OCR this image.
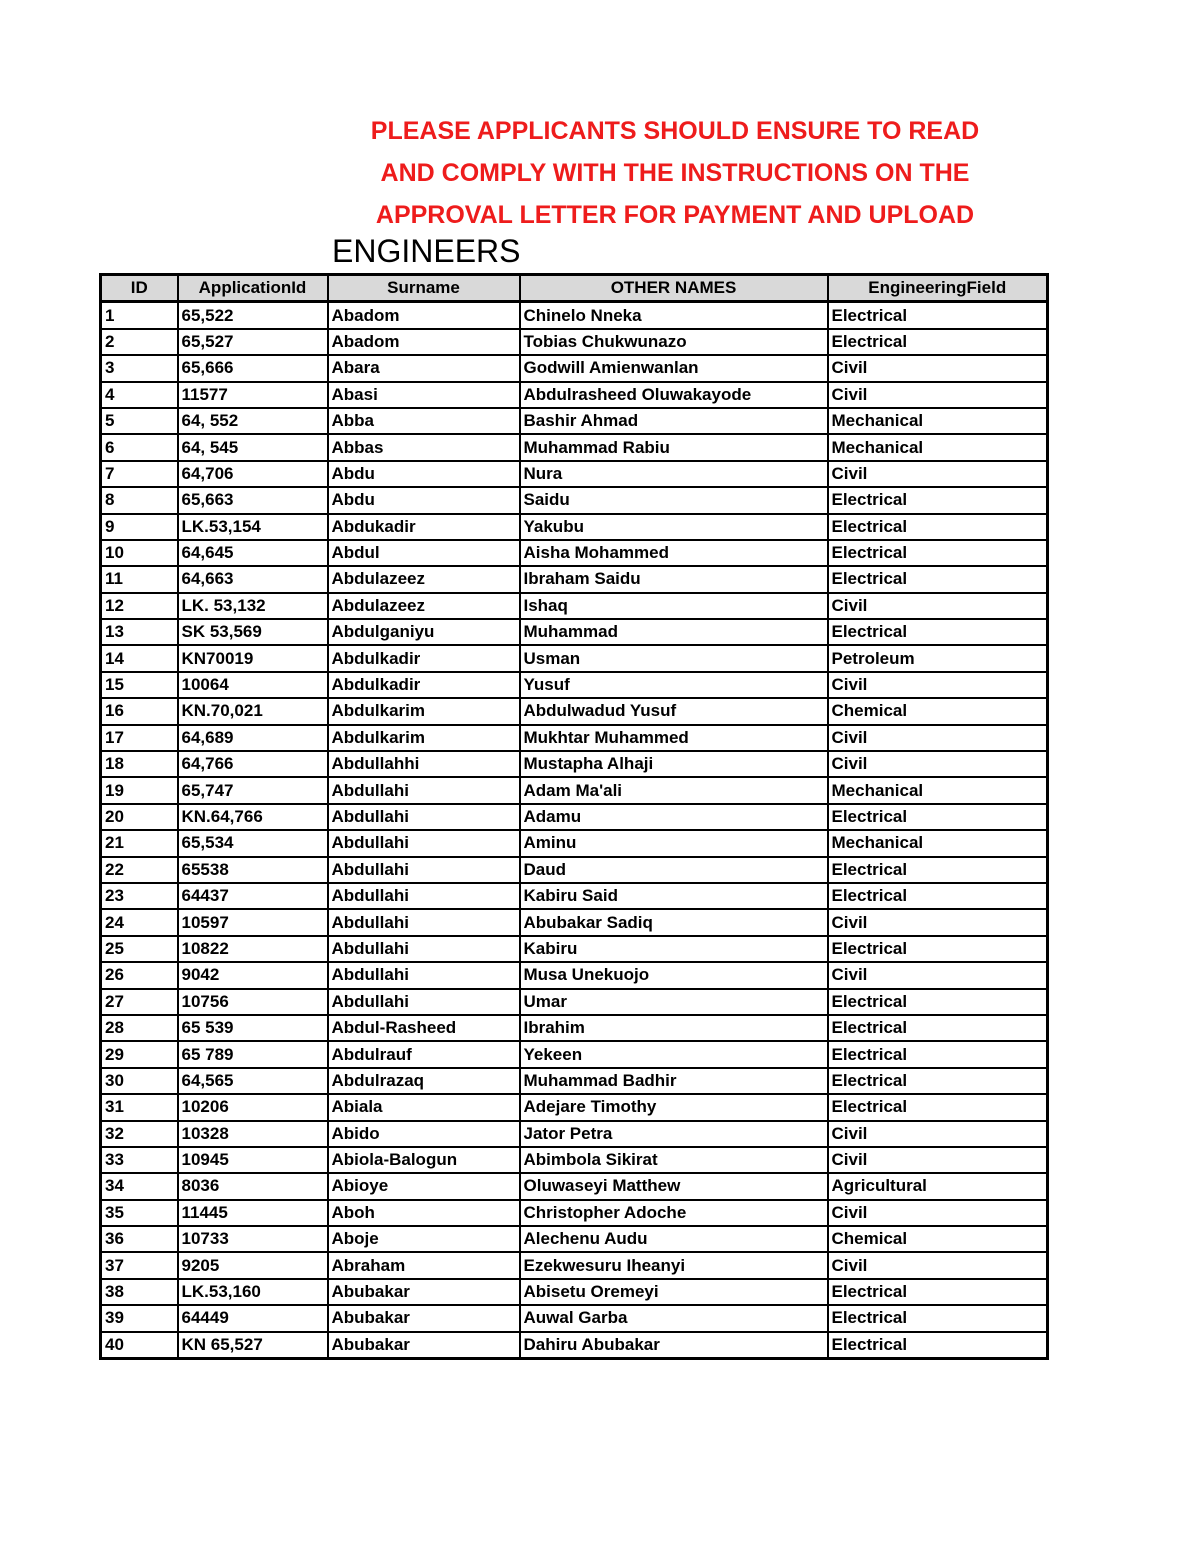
PLEASE APPLICANTS SHOULD ENSURE TO READ
AND COMPLY WITH THE INSTRUCTIONS ON THE
APPROVAL LETTER FOR PAYMENT AND UPLOAD
ENGINEERS
ID	ApplicationId	Surname	OTHER NAMES	EngineeringField
1	65,522	Abadom	Chinelo Nneka	Electrical
2	65,527	Abadom	Tobias Chukwunazo	Electrical
3	65,666	Abara	Godwill Amienwanlan	Civil
4	11577	Abasi	Abdulrasheed Oluwakayode	Civil
5	64, 552	Abba	Bashir Ahmad	Mechanical
6	64, 545	Abbas	Muhammad Rabiu	Mechanical
7	64,706	Abdu	Nura	Civil
8	65,663	Abdu	Saidu	Electrical
9	LK.53,154	Abdukadir	Yakubu	Electrical
10	64,645	Abdul	Aisha Mohammed	Electrical
11	64,663	Abdulazeez	Ibraham Saidu	Electrical
12	LK. 53,132	Abdulazeez	Ishaq	Civil
13	SK 53,569	Abdulganiyu	Muhammad	Electrical
14	KN70019	Abdulkadir	Usman	Petroleum
15	10064	Abdulkadir	Yusuf	Civil
16	KN.70,021	Abdulkarim	Abdulwadud Yusuf	Chemical
17	64,689	Abdulkarim	Mukhtar Muhammed	Civil
18	64,766	Abdullahhi	Mustapha Alhaji	Civil
19	65,747	Abdullahi	Adam Ma'ali	Mechanical
20	KN.64,766	Abdullahi	Adamu	Electrical
21	65,534	Abdullahi	Aminu	Mechanical
22	65538	Abdullahi	Daud	Electrical
23	64437	Abdullahi	Kabiru Said	Electrical
24	10597	Abdullahi	Abubakar Sadiq	Civil
25	10822	Abdullahi	Kabiru	Electrical
26	9042	Abdullahi	Musa Unekuojo	Civil
27	10756	Abdullahi	Umar	Electrical
28	65 539	Abdul-Rasheed	Ibrahim	Electrical
29	65 789	Abdulrauf	Yekeen	Electrical
30	64,565	Abdulrazaq	Muhammad Badhir	Electrical
31	10206	Abiala	Adejare Timothy	Electrical
32	10328	Abido	Jator Petra	Civil
33	10945	Abiola-Balogun	Abimbola Sikirat	Civil
34	8036	Abioye	Oluwaseyi Matthew	Agricultural
35	11445	Aboh	Christopher Adoche	Civil
36	10733	Aboje	Alechenu Audu	Chemical
37	9205	Abraham	Ezekwesuru Iheanyi	Civil
38	LK.53,160	Abubakar	Abisetu Oremeyi	Electrical
39	64449	Abubakar	Auwal Garba	Electrical
40	KN 65,527	Abubakar	Dahiru Abubakar	Electrical
